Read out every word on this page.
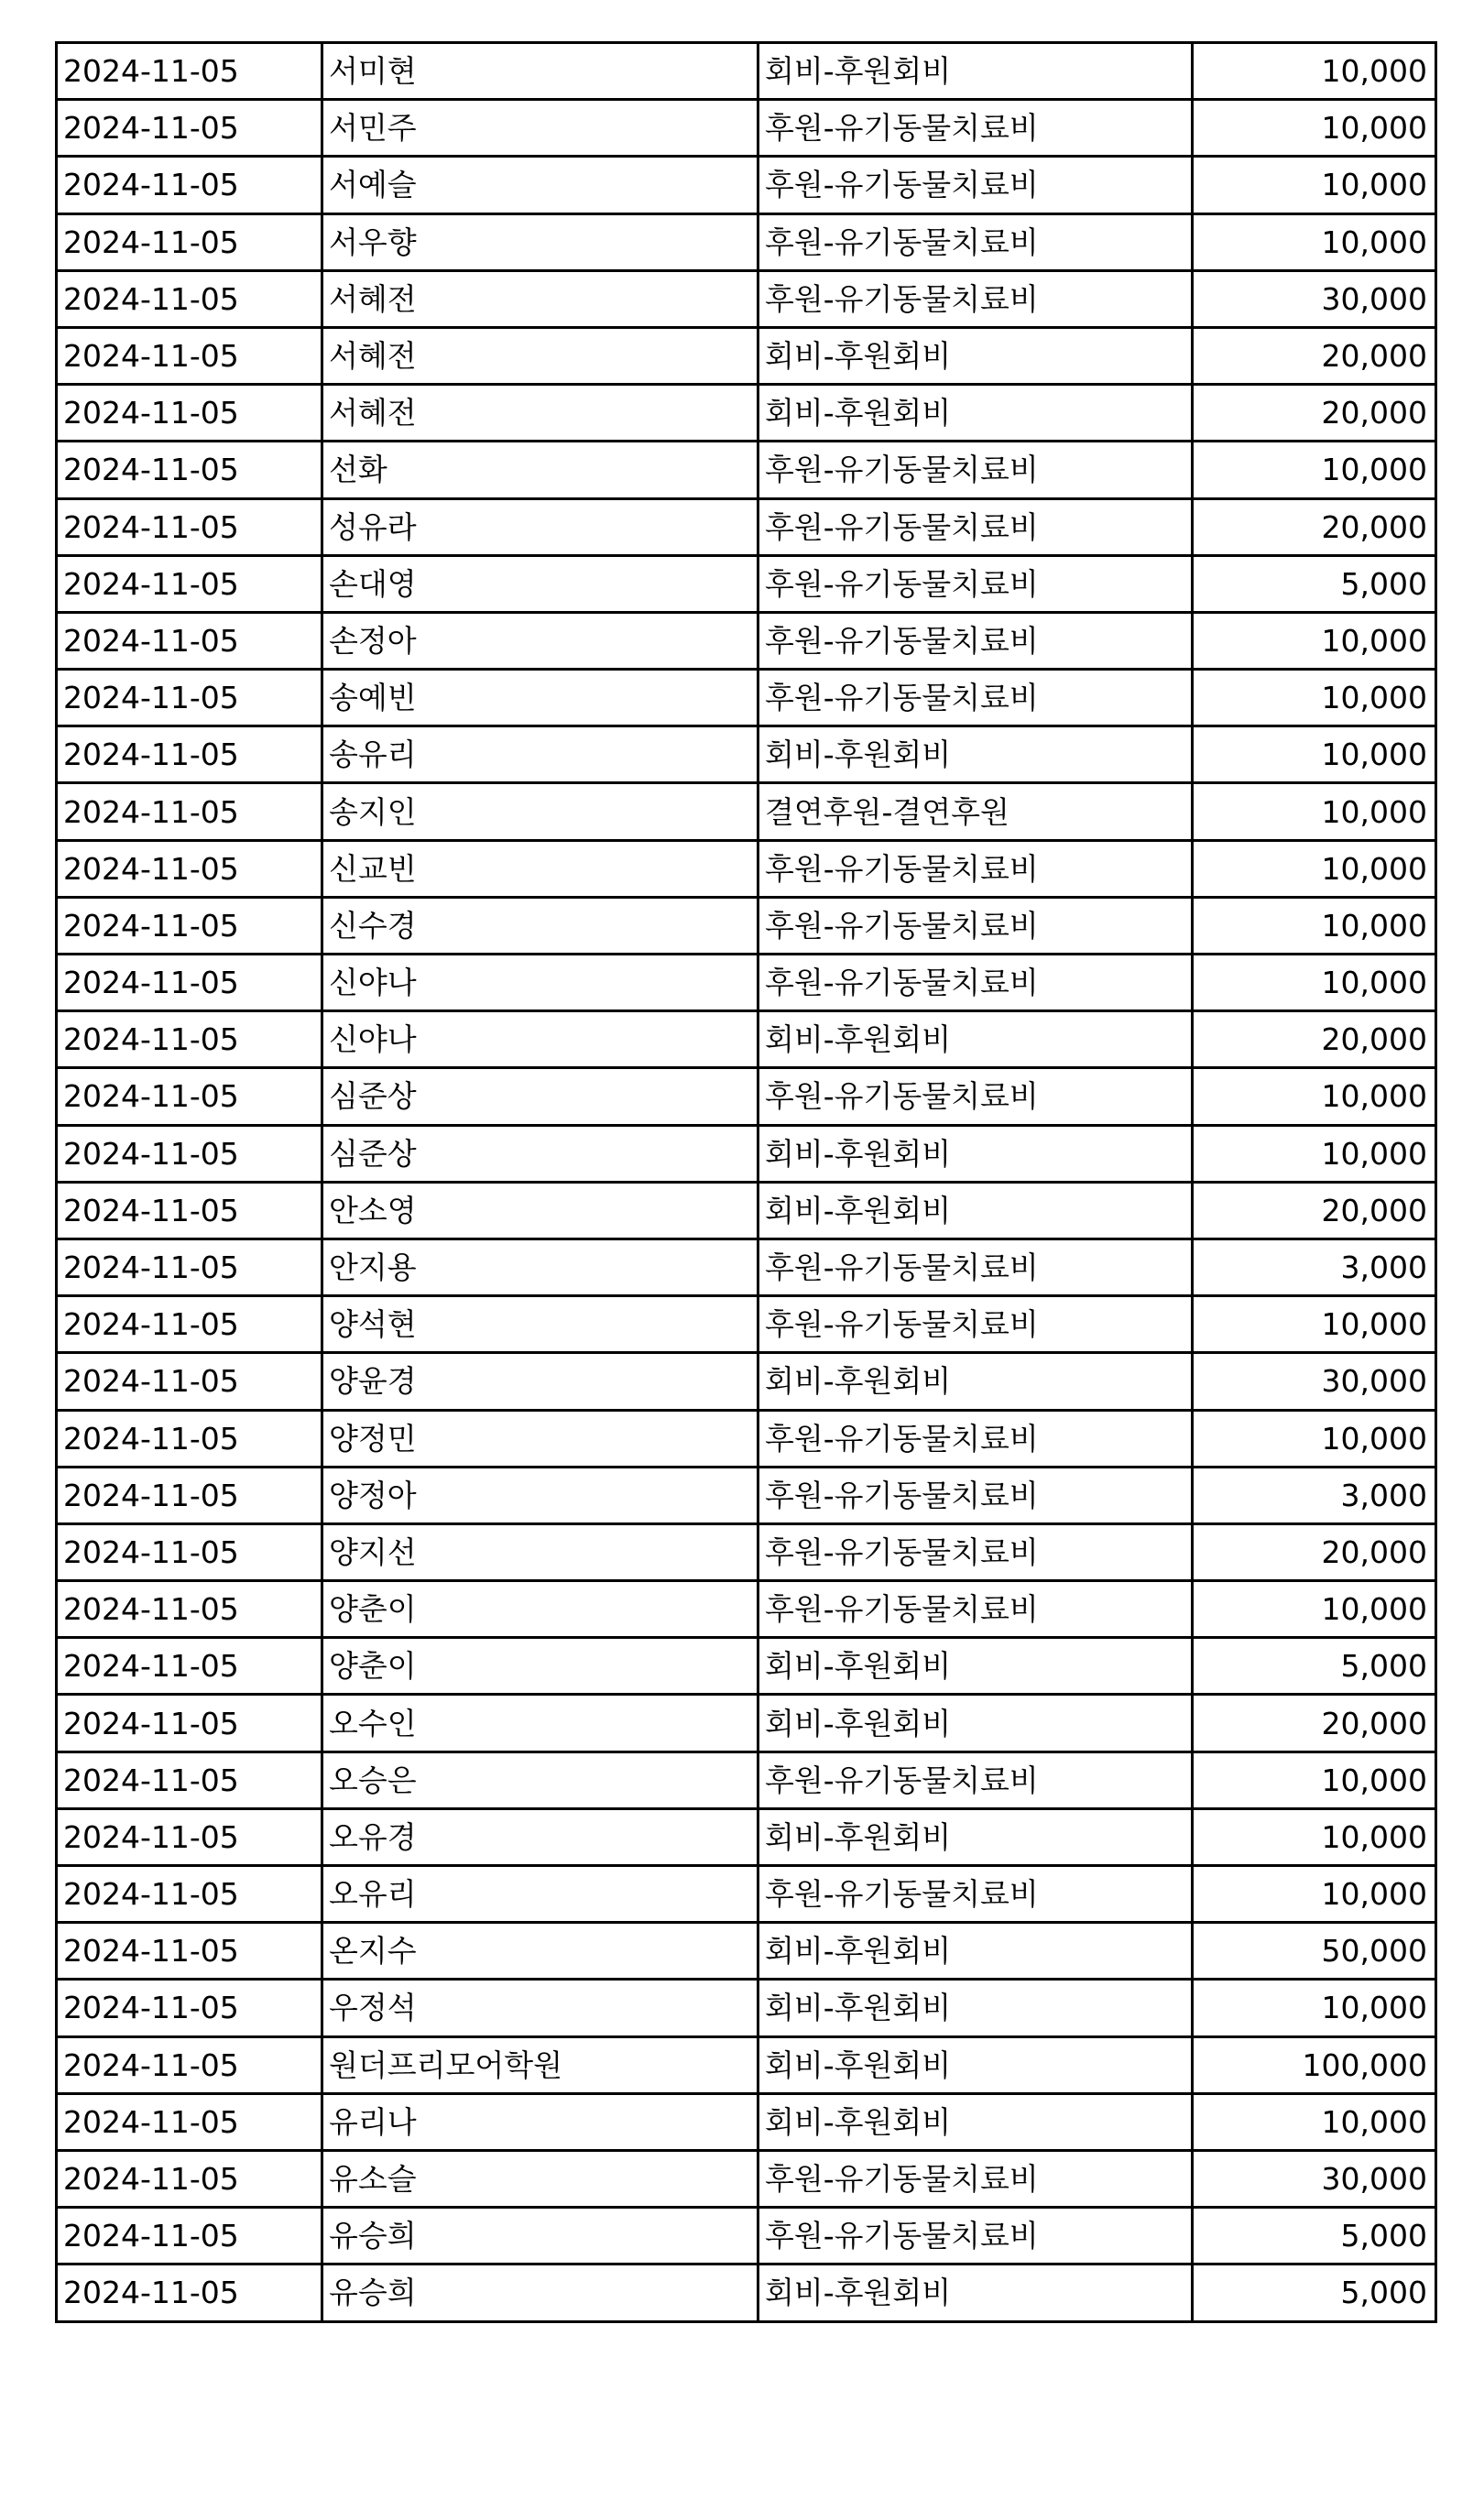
2024-11-05	서미현	회비-후원회비	10,000
2024-11-05	서민주	후원-유기동물치료비	10,000
2024-11-05	서예슬	후원-유기동물치료비	10,000
2024-11-05	서우향	후원-유기동물치료비	10,000
2024-11-05	서혜전	후원-유기동물치료비	30,000
2024-11-05	서혜전	회비-후원회비	20,000
2024-11-05	서혜전	회비-후원회비	20,000
2024-11-05	선화	후원-유기동물치료비	10,000
2024-11-05	성유라	후원-유기동물치료비	20,000
2024-11-05	손대영	후원-유기동물치료비	5,000
2024-11-05	손정아	후원-유기동물치료비	10,000
2024-11-05	송예빈	후원-유기동물치료비	10,000
2024-11-05	송유리	회비-후원회비	10,000
2024-11-05	송지인	결연후원-결연후원	10,000
2024-11-05	신교빈	후원-유기동물치료비	10,000
2024-11-05	신수경	후원-유기동물치료비	10,000
2024-11-05	신야나	후원-유기동물치료비	10,000
2024-11-05	신야나	회비-후원회비	20,000
2024-11-05	심준상	후원-유기동물치료비	10,000
2024-11-05	심준상	회비-후원회비	10,000
2024-11-05	안소영	회비-후원회비	20,000
2024-11-05	안지용	후원-유기동물치료비	3,000
2024-11-05	양석현	후원-유기동물치료비	10,000
2024-11-05	양윤경	회비-후원회비	30,000
2024-11-05	양정민	후원-유기동물치료비	10,000
2024-11-05	양정아	후원-유기동물치료비	3,000
2024-11-05	양지선	후원-유기동물치료비	20,000
2024-11-05	양춘이	후원-유기동물치료비	10,000
2024-11-05	양춘이	회비-후원회비	5,000
2024-11-05	오수인	회비-후원회비	20,000
2024-11-05	오승은	후원-유기동물치료비	10,000
2024-11-05	오유경	회비-후원회비	10,000
2024-11-05	오유리	후원-유기동물치료비	10,000
2024-11-05	온지수	회비-후원회비	50,000
2024-11-05	우정석	회비-후원회비	10,000
2024-11-05	원더프리모어학원	회비-후원회비	100,000
2024-11-05	유리나	회비-후원회비	10,000
2024-11-05	유소슬	후원-유기동물치료비	30,000
2024-11-05	유승희	후원-유기동물치료비	5,000
2024-11-05	유승희	회비-후원회비	5,000
